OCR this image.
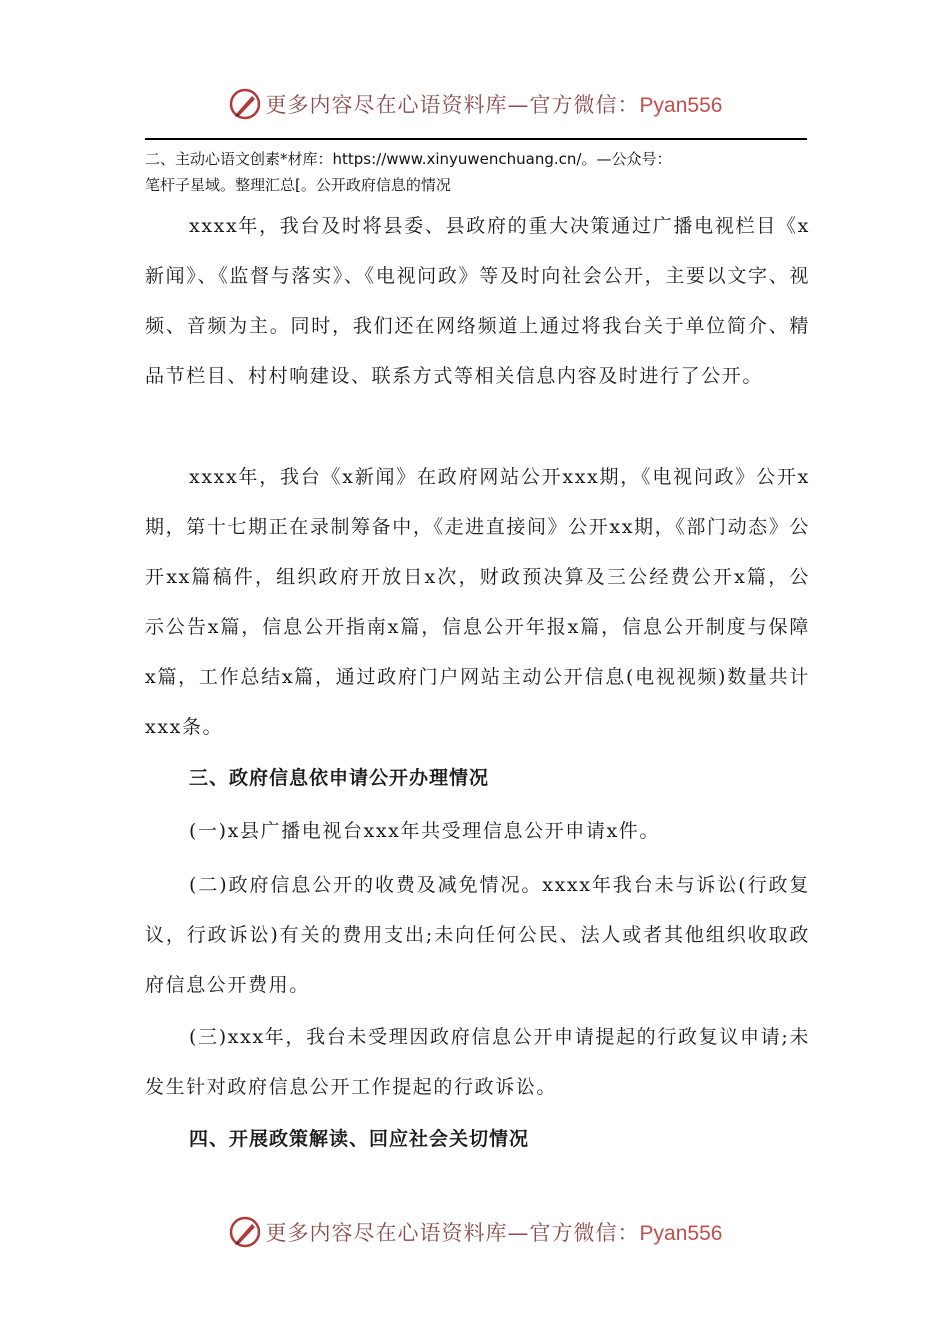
更多内容尽在心语资料库—官方微信：Pyan556
二、主动心语文创素*材库：https://www.xinyuwenchuang.cn/。—公众号：
笔杆子星域。整理汇总[。公开政府信息的情况
xxxx年，我台及时将县委、县政府的重大决策通过广播电视栏目《x新闻》、《监督与落实》、《电视问政》等及时向社会公开，主要以文字、视频、音频为主。同时，我们还在网络频道上通过将我台关于单位简介、精品节栏目、村村响建设、联系方式等相关信息内容及时进行了公开。
xxxx年，我台《x新闻》在政府网站公开xxx期，《电视问政》公开x期，第十七期正在录制筹备中，《走进直接间》公开xx期，《部门动态》公开xx篇稿件，组织政府开放日x次，财政预决算及三公经费公开x篇，公示公告x篇，信息公开指南x篇，信息公开年报x篇，信息公开制度与保障x篇，工作总结x篇，通过政府门户网站主动公开信息(电视视频)数量共计xxx条。
三、政府信息依申请公开办理情况
(一)x县广播电视台xxx年共受理信息公开申请x件。
(二)政府信息公开的收费及减免情况。xxxx年我台未与诉讼(行政复议，行政诉讼)有关的费用支出;未向任何公民、法人或者其他组织收取政府信息公开费用。
(三)xxx年，我台未受理因政府信息公开申请提起的行政复议申请;未发生针对政府信息公开工作提起的行政诉讼。
四、开展政策解读、回应社会关切情况
更多内容尽在心语资料库—官方微信：Pyan556
